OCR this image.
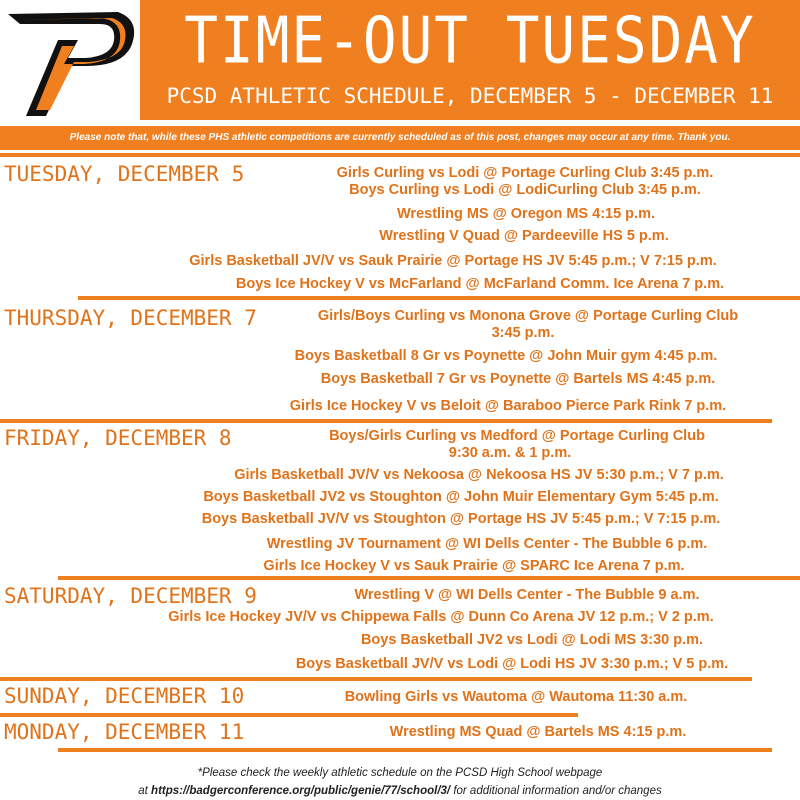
TIME-OUT TUESDAY
PCSD ATHLETIC SCHEDULE, DECEMBER 5 - DECEMBER 11
Please note that, while these PHS athletic competitions are currently scheduled as of this post, changes may occur at any time. Thank you.
TUESDAY, DECEMBER 5	Girls Curling vs Lodi @ Portage Curling Club 3:45 p.m.
Boys Curling vs Lodi @ LodiCurling Club 3:45 p.m.
Wrestling MS @ Oregon MS 4:15 p.m.
Wrestling V Quad @ Pardeeville HS 5 p.m.
Girls Basketball JV/V vs Sauk Prairie @ Portage HS JV 5:45 p.m.; V 7:15 p.m.
Boys Ice Hockey V vs McFarland @ McFarland Comm. Ice Arena 7 p.m.
THURSDAY, DECEMBER 7	Girls/Boys Curling vs Monona Grove @ Portage Curling Club
3:45 p.m.
Boys Basketball 8 Gr vs Poynette @ John Muir gym 4:45 p.m.
Boys Basketball 7 Gr vs Poynette @ Bartels MS 4:45 p.m.
Girls Ice Hockey V vs Beloit @ Baraboo Pierce Park Rink 7 p.m.
FRIDAY, DECEMBER 8	Boys/Girls Curling vs Medford @ Portage Curling Club
9:30 a.m. & 1 p.m.
Girls Basketball JV/V vs Nekoosa @ Nekoosa HS JV 5:30 p.m.; V 7 p.m.
Boys Basketball JV2 vs Stoughton @ John Muir Elementary Gym 5:45 p.m.
Boys Basketball JV/V vs Stoughton @ Portage HS JV 5:45 p.m.; V 7:15 p.m.
Wrestling JV Tournament @ WI Dells Center - The Bubble 6 p.m.
Girls Ice Hockey V vs Sauk Prairie @ SPARC Ice Arena 7 p.m.
SATURDAY, DECEMBER 9	Wrestling V @ WI Dells Center - The Bubble 9 a.m.
Girls Ice Hockey JV/V vs Chippewa Falls @ Dunn Co Arena JV 12 p.m.; V 2 p.m.
Boys Basketball JV2 vs Lodi @ Lodi MS 3:30 p.m.
Boys Basketball JV/V vs Lodi @ Lodi HS JV 3:30 p.m.; V 5 p.m.
SUNDAY, DECEMBER 10	Bowling Girls vs Wautoma @ Wautoma 11:30 a.m.
MONDAY, DECEMBER 11	Wrestling MS Quad @ Bartels MS 4:15 p.m.
*Please check the weekly athletic schedule on the PCSD High School webpage
at https://badgerconference.org/public/genie/77/school/3/ for additional information and/or changes
